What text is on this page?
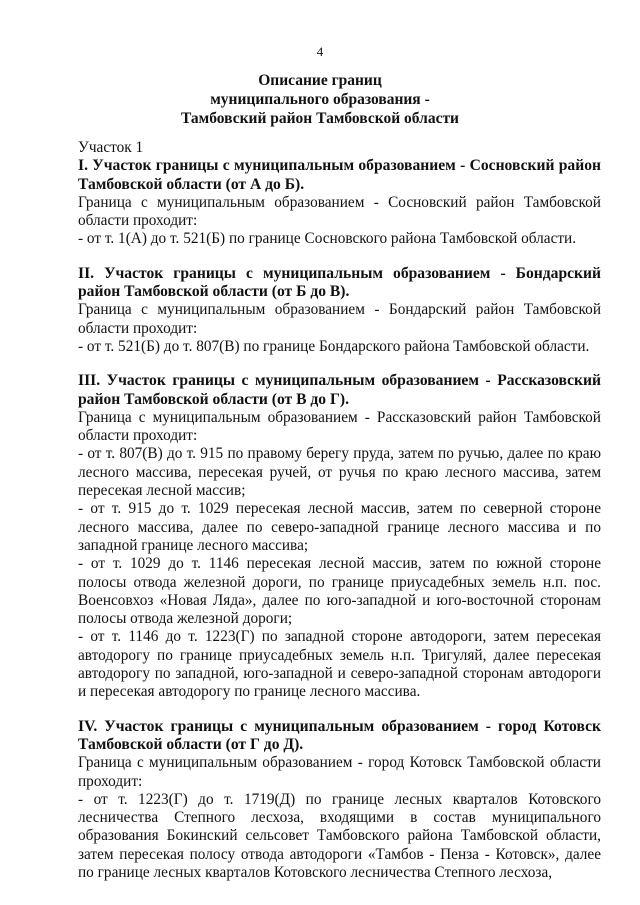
4
Описание границ
муниципального образования -
Тамбовский район Тамбовской области

Участок 1

I. Участок границы с муниципальным образованием - Сосновский район Тамбовской области (от А до Б).

Граница с муниципальным образованием - Сосновский район Тамбовской области проходит:

- от т. 1(А) до т. 521(Б) по границе Сосновского района Тамбовской области.

II. Участок границы с муниципальным образованием - Бондарский район Тамбовской области (от Б до В).

Граница с муниципальным образованием - Бондарский район Тамбовской области проходит:

- от т. 521(Б) до т. 807(В) по границе Бондарского района Тамбовской области.

III. Участок границы с муниципальным образованием - Рассказовский район Тамбовской области (от В до Г).

Граница с муниципальным образованием - Рассказовский район Тамбовской области проходит:

- от т. 807(В) до т. 915 по правому берегу пруда, затем по ручью, далее по краю лесного массива, пересекая ручей, от ручья по краю лесного массива, затем пересекая лесной массив;

- от т. 915 до т. 1029 пересекая лесной массив, затем по северной стороне лесного массива, далее по северо-западной границе лесного массива и по западной границе лесного массива;

- от т. 1029 до т. 1146 пересекая лесной массив, затем по южной стороне полосы отвода железной дороги, по границе приусадебных земель н.п. пос. Военсовхоз «Новая Ляда», далее по юго-западной и юго-восточной сторонам полосы отвода железной дороги;

- от т. 1146 до т. 1223(Г) по западной стороне автодороги, затем пересекая автодорогу по границе приусадебных земель н.п. Тригуляй, далее пересекая автодорогу по западной, юго-западной и северо-западной сторонам автодороги и пересекая автодорогу по границе лесного массива.

IV. Участок границы с муниципальным образованием - город Котовск Тамбовской области (от Г до Д).

Граница с муниципальным образованием - город Котовск Тамбовской области проходит:

- от т. 1223(Г) до т. 1719(Д) по границе лесных кварталов Котовского лесничества Степного лесхоза, входящими в состав муниципального образования Бокинский сельсовет Тамбовского района Тамбовской области, затем пересекая полосу отвода автодороги «Тамбов - Пенза - Котовск», далее по границе лесных кварталов Котовского лесничества Степного лесхоза,
